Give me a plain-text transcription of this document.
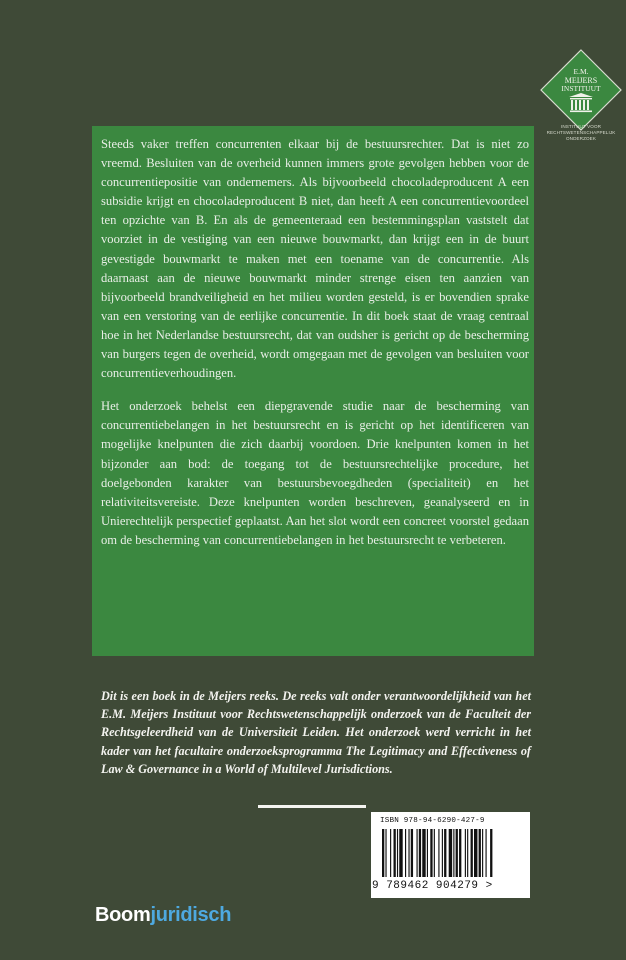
E.M.
MEIJERS
INSTITUUT
INSTITUUT VOOR
RECHTSWETENSCHAPPELIJK
ONDERZOEK

Steeds vaker treffen concurrenten elkaar bij de bestuursrechter. Dat is niet zo vreemd. Besluiten van de overheid kunnen immers grote gevolgen hebben voor de concurrentiepositie van ondernemers. Als bijvoorbeeld chocoladeproducent A een subsidie krijgt en chocoladeproducent B niet, dan heeft A een concurrentievoordeel ten opzichte van B. En als de gemeenteraad een bestemmingsplan vaststelt dat voorziet in de vestiging van een nieuwe bouwmarkt, dan krijgt een in de buurt gevestigde bouwmarkt te maken met een toename van de concurrentie. Als daarnaast aan de nieuwe bouwmarkt minder strenge eisen ten aanzien van bijvoorbeeld brandveiligheid en het milieu worden gesteld, is er bovendien sprake van een verstoring van de eerlijke concurrentie. In dit boek staat de vraag centraal hoe in het Nederlandse bestuursrecht, dat van oudsher is gericht op de bescherming van burgers tegen de overheid, wordt omgegaan met de gevolgen van besluiten voor concurrentieverhoudingen.

Het onderzoek behelst een diepgravende studie naar de bescherming van concurrentiebelangen in het bestuursrecht en is gericht op het identificeren van mogelijke knelpunten die zich daarbij voordoen. Drie knelpunten komen in het bijzonder aan bod: de toegang tot de bestuursrechtelijke procedure, het doelgebonden karakter van bestuursbevoegdheden (specialiteit) en het relativiteitsvereiste. Deze knelpunten worden beschreven, geanalyseerd en in Unierechtelijk perspectief geplaatst. Aan het slot wordt een concreet voorstel gedaan om de bescherming van concurrentiebelangen in het bestuursrecht te verbeteren.

Dit is een boek in de Meijers reeks. De reeks valt onder verantwoordelijkheid van het E.M. Meijers Instituut voor Rechtswetenschappelijk onderzoek van de Faculteit der Rechtsgeleerdheid van de Universiteit Leiden. Het onderzoek werd verricht in het kader van het facultaire onderzoeksprogramma The Legitimacy and Effectiveness of Law & Governance in a World of Multilevel Jurisdictions.
ISBN 978-94-6290-427-9
9 789462 904279 >
Boomjuridisch
